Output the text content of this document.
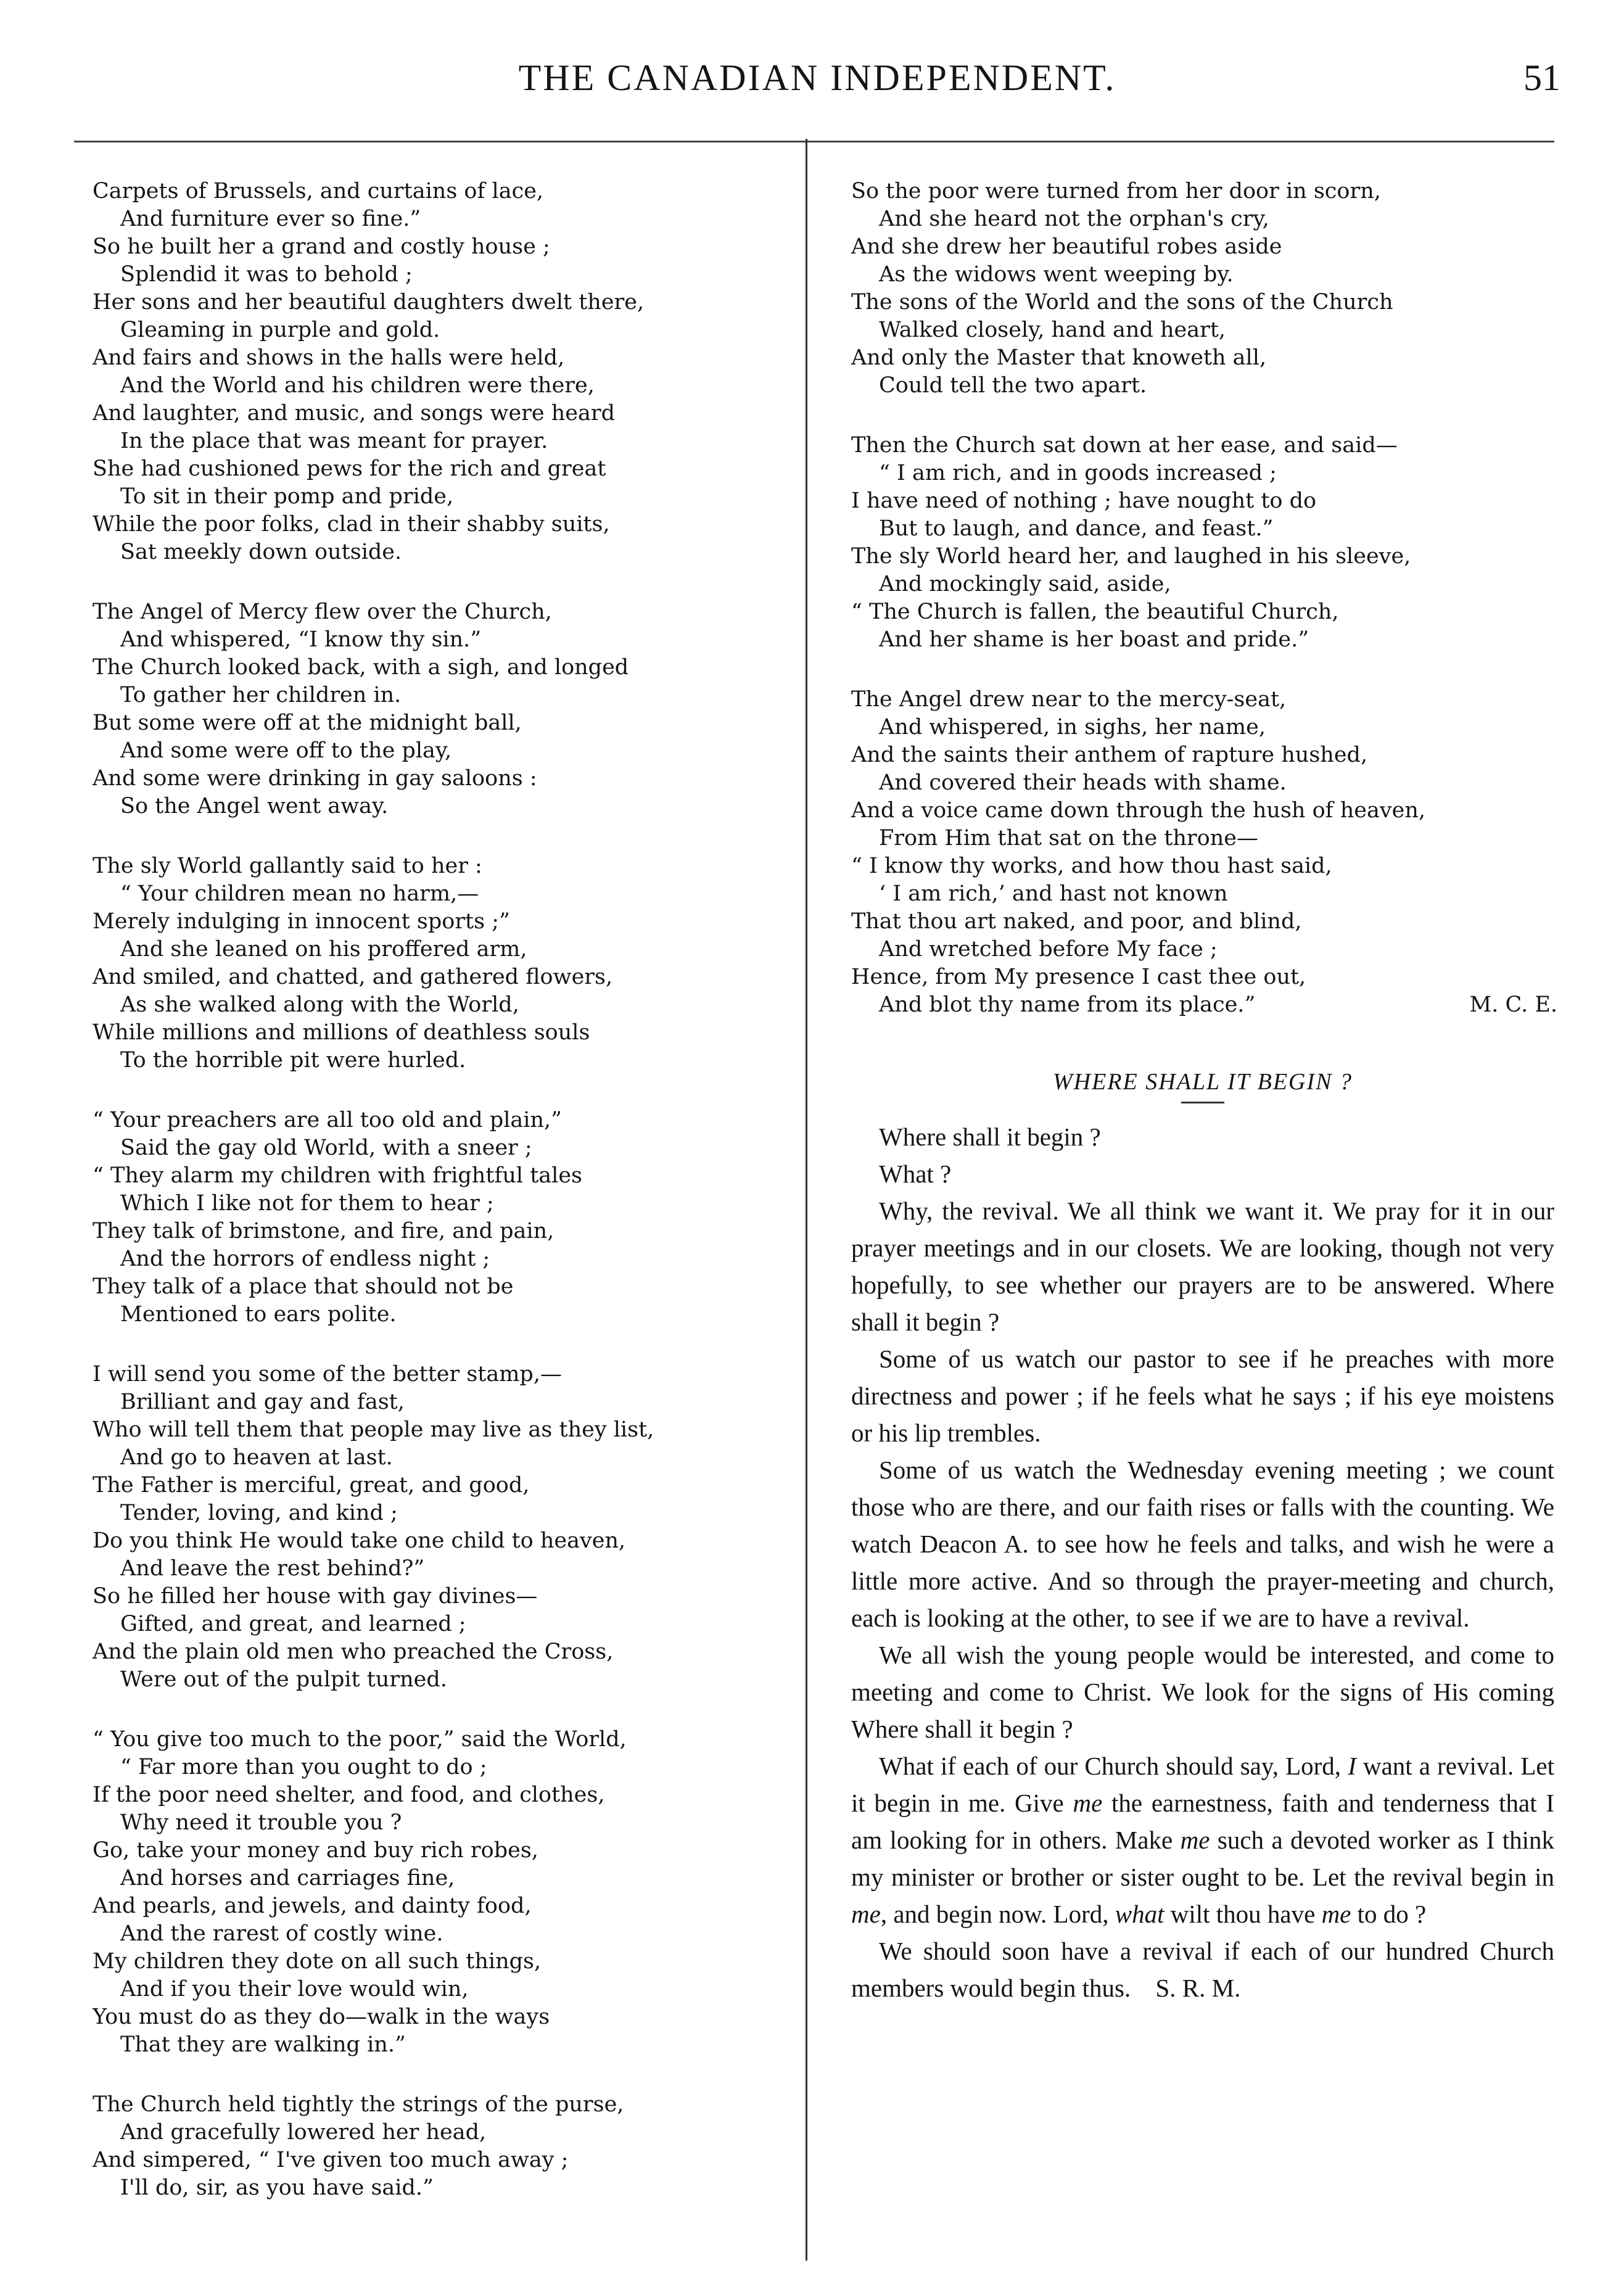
THE CANADIAN INDEPENDENT.	51
Carpets of Brussels, and curtains of lace,
And furniture ever so fine.”
So he built her a grand and costly house ;
Splendid it was to behold ;
Her sons and her beautiful daughters dwelt there,
Gleaming in purple and gold.
And fairs and shows in the halls were held,
And the World and his children were there,
And laughter, and music, and songs were heard
In the place that was meant for prayer.
She had cushioned pews for the rich and great
To sit in their pomp and pride,
While the poor folks, clad in their shabby suits,
Sat meekly down outside.
The Angel of Mercy flew over the Church,
And whispered, “I know thy sin.”
The Church looked back, with a sigh, and longed
To gather her children in.
But some were off at the midnight ball,
And some were off to the play,
And some were drinking in gay saloons :
So the Angel went away.
The sly World gallantly said to her :
“ Your children mean no harm,—
Merely indulging in innocent sports ;”
And she leaned on his proffered arm,
And smiled, and chatted, and gathered flowers,
As she walked along with the World,
While millions and millions of deathless souls
To the horrible pit were hurled.
“ Your preachers are all too old and plain,”
Said the gay old World, with a sneer ;
“ They alarm my children with frightful tales
Which I like not for them to hear ;
They talk of brimstone, and fire, and pain,
And the horrors of endless night ;
They talk of a place that should not be
Mentioned to ears polite.
I will send you some of the better stamp,—
Brilliant and gay and fast,
Who will tell them that people may live as they list,
And go to heaven at last.
The Father is merciful, great, and good,
Tender, loving, and kind ;
Do you think He would take one child to heaven,
And leave the rest behind?”
So he filled her house with gay divines—
Gifted, and great, and learned ;
And the plain old men who preached the Cross,
Were out of the pulpit turned.
“ You give too much to the poor,” said the World,
“ Far more than you ought to do ;
If the poor need shelter, and food, and clothes,
Why need it trouble you ?
Go, take your money and buy rich robes,
And horses and carriages fine,
And pearls, and jewels, and dainty food,
And the rarest of costly wine.
My children they dote on all such things,
And if you their love would win,
You must do as they do—walk in the ways
That they are walking in.”
The Church held tightly the strings of the purse,
And gracefully lowered her head,
And simpered, “ I've given too much away ;
I'll do, sir, as you have said.”
So the poor were turned from her door in scorn,
And she heard not the orphan's cry,
And she drew her beautiful robes aside
As the widows went weeping by.
The sons of the World and the sons of the Church
Walked closely, hand and heart,
And only the Master that knoweth all,
Could tell the two apart.
Then the Church sat down at her ease, and said—
“ I am rich, and in goods increased ;
I have need of nothing ; have nought to do
But to laugh, and dance, and feast.”
The sly World heard her, and laughed in his sleeve,
And mockingly said, aside,
“ The Church is fallen, the beautiful Church,
And her shame is her boast and pride.”
The Angel drew near to the mercy-seat,
And whispered, in sighs, her name,
And the saints their anthem of rapture hushed,
And covered their heads with shame.
And a voice came down through the hush of heaven,
From Him that sat on the throne—
“ I know thy works, and how thou hast said,
‘ I am rich,’ and hast not known
That thou art naked, and poor, and blind,
And wretched before My face ;
Hence, from My presence I cast thee out,
And blot thy name from its place.”	M. C. E.
WHERE SHALL IT BEGIN ?

Where shall it begin ?

What ?

Why, the revival. We all think we want it. We pray for it in our prayer meetings and in our closets. We are looking, though not very hopefully, to see whether our prayers are to be answered. Where shall it begin ?

Some of us watch our pastor to see if he preaches with more directness and power ; if he feels what he says ; if his eye moistens or his lip trembles.

Some of us watch the Wednesday evening meeting ; we count those who are there, and our faith rises or falls with the counting. We watch Deacon A. to see how he feels and talks, and wish he were a little more active. And so through the prayer-meeting and church, each is looking at the other, to see if we are to have a revival.

We all wish the young people would be interested, and come to meeting and come to Christ. We look for the signs of His coming Where shall it begin ?

What if each of our Church should say, Lord, I want a revival. Let it begin in me. Give me the earnestness, faith and tenderness that I am looking for in others. Make me such a devoted worker as I think my minister or brother or sister ought to be. Let the revival begin in me, and begin now. Lord, what wilt thou have me to do ?

We should soon have a revival if each of our hundred Church members would begin thus. S. R. M.
